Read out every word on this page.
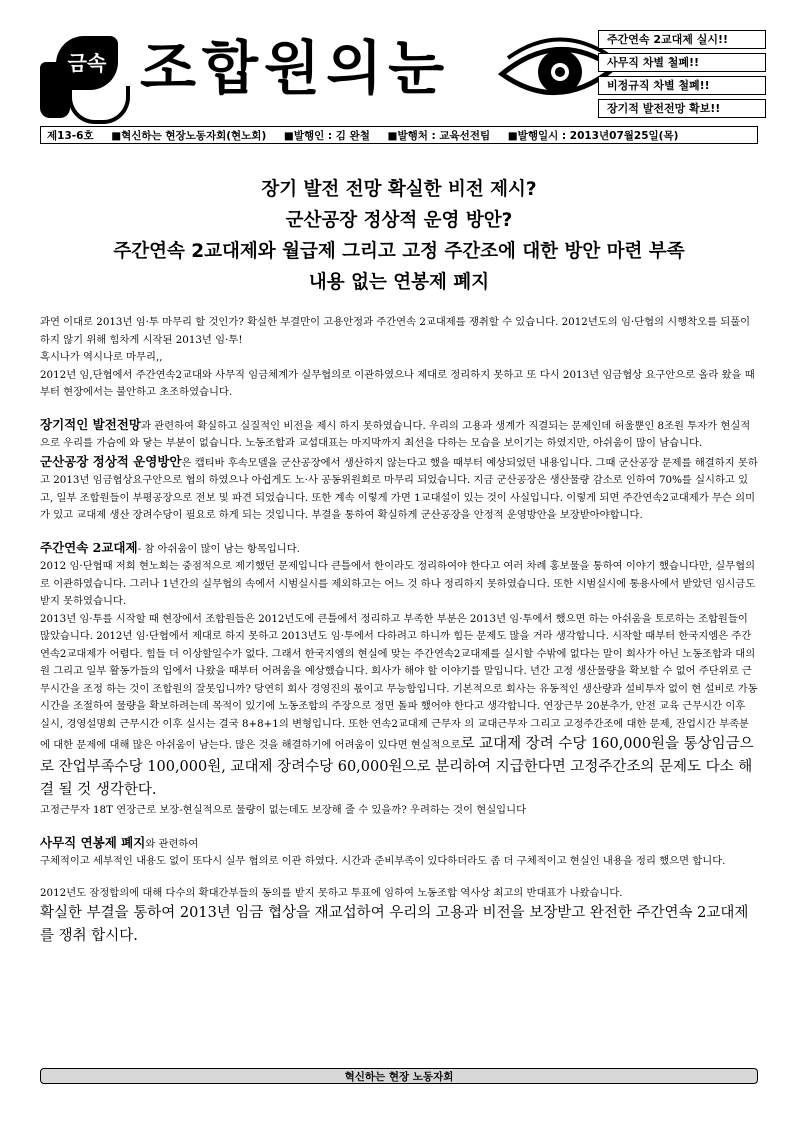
금속 조합원의눈	주간연속 2교대제 실시!!
사무직 차별 철폐!!
비정규직 차별 철폐!!
장기적 발전전망 확보!!
제13-6호 ■혁신하는 현장노동자회(현노회) ■발행인 : 김 완철 ■발행처 : 교육선전팀 ■발행일시 : 2013년07월25일(목)
장기 발전 전망 확실한 비전 제시?
군산공장 정상적 운영 방안?
주간연속 2교대제와 월급제 그리고 고정 주간조에 대한 방안 마련 부족
내용 없는 연봉제 폐지

과연 이대로 2013년 임·투 마무리 할 것인가? 확실한 부결만이 고용안정과 주간연속 2교대제를 쟁취할 수 있습니다. 2012년도의 임·단협의 시행착오를 되풀이 하지 않기 위해 힘차게 시작된 2013년 임·투!

혹시나가 역시나로 마무리,,

2012년 임,단협에서 주간연속2교대와 사무직 임금체계가 실무협의로 이관하였으나 제대로 정리하지 못하고 또 다시 2013년 임금협상 요구안으로 올라 왔을 때부터 현장에서는 불안하고 초조하였습니다.

장기적인 발전전망과 관련하여 확실하고 실질적인 비전을 제시 하지 못하였습니다. 우리의 고용과 생계가 직결되는 문제인데 허울뿐인 8조원 투자가 현실적으로 우리를 가슴에 와 닿는 부분이 없습니다. 노동조합과 교섭대표는 마지막까지 최선을 다하는 모습을 보이기는 하였지만, 아쉬움이 많이 남습니다.

군산공장 정상적 운영방안은 캡티바 후속모델을 군산공장에서 생산하지 않는다고 했을 때부터 예상되었던 내용입니다. 그때 군산공장 문제를 해결하지 못하고 2013년 임금협상요구안으로 협의 하였으나 아쉽게도 노·사 공동위원회로 마무리 되었습니다. 지금 군산공장은 생산물량 감소로 인하여 70%를 실시하고 있고, 일부 조합원들이 부평공장으로 전보 및 파견 되었습니다. 또한 계속 이렇게 가면 1교대설이 있는 것이 사실입니다. 이렇게 되면 주간연속2교대제가 무슨 의미가 있고 교대제 생산 장려수당이 필요로 하게 되는 것입니다. 부결을 통하여 확실하게 군산공장을 안정적 운영방안을 보장받아야합니다.

주간연속 2교대제- 참 아쉬움이 많이 남는 항목입니다.

2012 임·단협때 저희 현노회는 중점적으로 제기했던 문제입니다 큰틀에서 한이라도 정리하여야 한다고 여러 차례 홍보물을 통하여 이야기 했습니다만, 실무협의로 이관하였습니다. 그러나 1년간의 실무협의 속에서 시범실시를 제외하고는 어느 것 하나 정리하지 못하였습니다. 또한 시범실시에 통용사에서 받았던 임시금도 받지 못하였습니다.

2013년 임·투를 시작할 때 현장에서 조합원들은 2012년도에 큰틀에서 정리하고 부족한 부분은 2013년 임·투에서 했으면 하는 아쉬움을 토로하는 조합원들이 많았습니다. 2012년 임·단협에서 제대로 하지 못하고 2013년도 임·투에서 다하려고 하니까 힘든 문제도 많을 거라 생각합니다. 시작할 때부터 한국지엠은 주간연속2교대제가 어렵다. 힘들 더 이상할일수가 없다. 그래서 한국지엠의 현실에 맞는 주간연속2교대제를 실시할 수밖에 없다는 말이 회사가 아닌 노동조합과 대의원 그리고 일부 활동가들의 입에서 나왔을 때부터 어려움을 예상했습니다. 회사가 해야 할 이야기를 말입니다. 년간 고정 생산물량을 확보할 수 없어 주단위로 근무시간을 조정 하는 것이 조합원의 잘못입니까? 당연히 회사 경영진의 몫이고 무능함입니다. 기본적으로 회사는 유동적인 생산량과 설비투자 없이 현 설비로 가동시간을 조절하여 물량을 확보하려는데 목적이 있기에 노동조합의 주장으로 정면 돌파 했어야 한다고 생각합니다. 연장근무 20분추가, 안전 교육 근무시간 이후 실시, 경영설명회 근무시간 이후 실시는 결국 8+8+1의 변형입니다. 또한 연속2교대제 근무자 의 교대근무자 그리고 고정주간조에 대한 문제, 잔업시간 부족분에 대한 문제에 대해 많은 아쉬움이 남는다. 많은 것을 해결하기에 어려움이 있다면 현실적으로로 교대제 장려 수당 160,000원을 통상임금으로 잔업부족수당 100,000원, 교대제 장려수당 60,000원으로 분리하여 지급한다면 고정주간조의 문제도 다소 해결 될 것 생각한다.

고정근무자 18T 연장근로 보장-현실적으로 물량이 없는데도 보장해 줄 수 있을까? 우려하는 것이 현실입니다

사무직 연봉제 폐지와 관련하여

구체적이고 세부적인 내용도 없이 또다시 실무 협의로 이관 하였다. 시간과 준비부족이 있다하더라도 좀 더 구체적이고 현실인 내용을 정리 했으면 합니다.

2012년도 잠정합의에 대해 다수의 확대간부들의 동의를 받지 못하고 투표에 임하여 노동조합 역사상 최고의 반대표가 나왔습니다.

확실한 부결을 통하여 2013년 임금 협상을 재교섭하여 우리의 고용과 비전을 보장받고 완전한 주간연속 2교대제를 쟁취 합시다.

혁신하는 현장 노동자회
